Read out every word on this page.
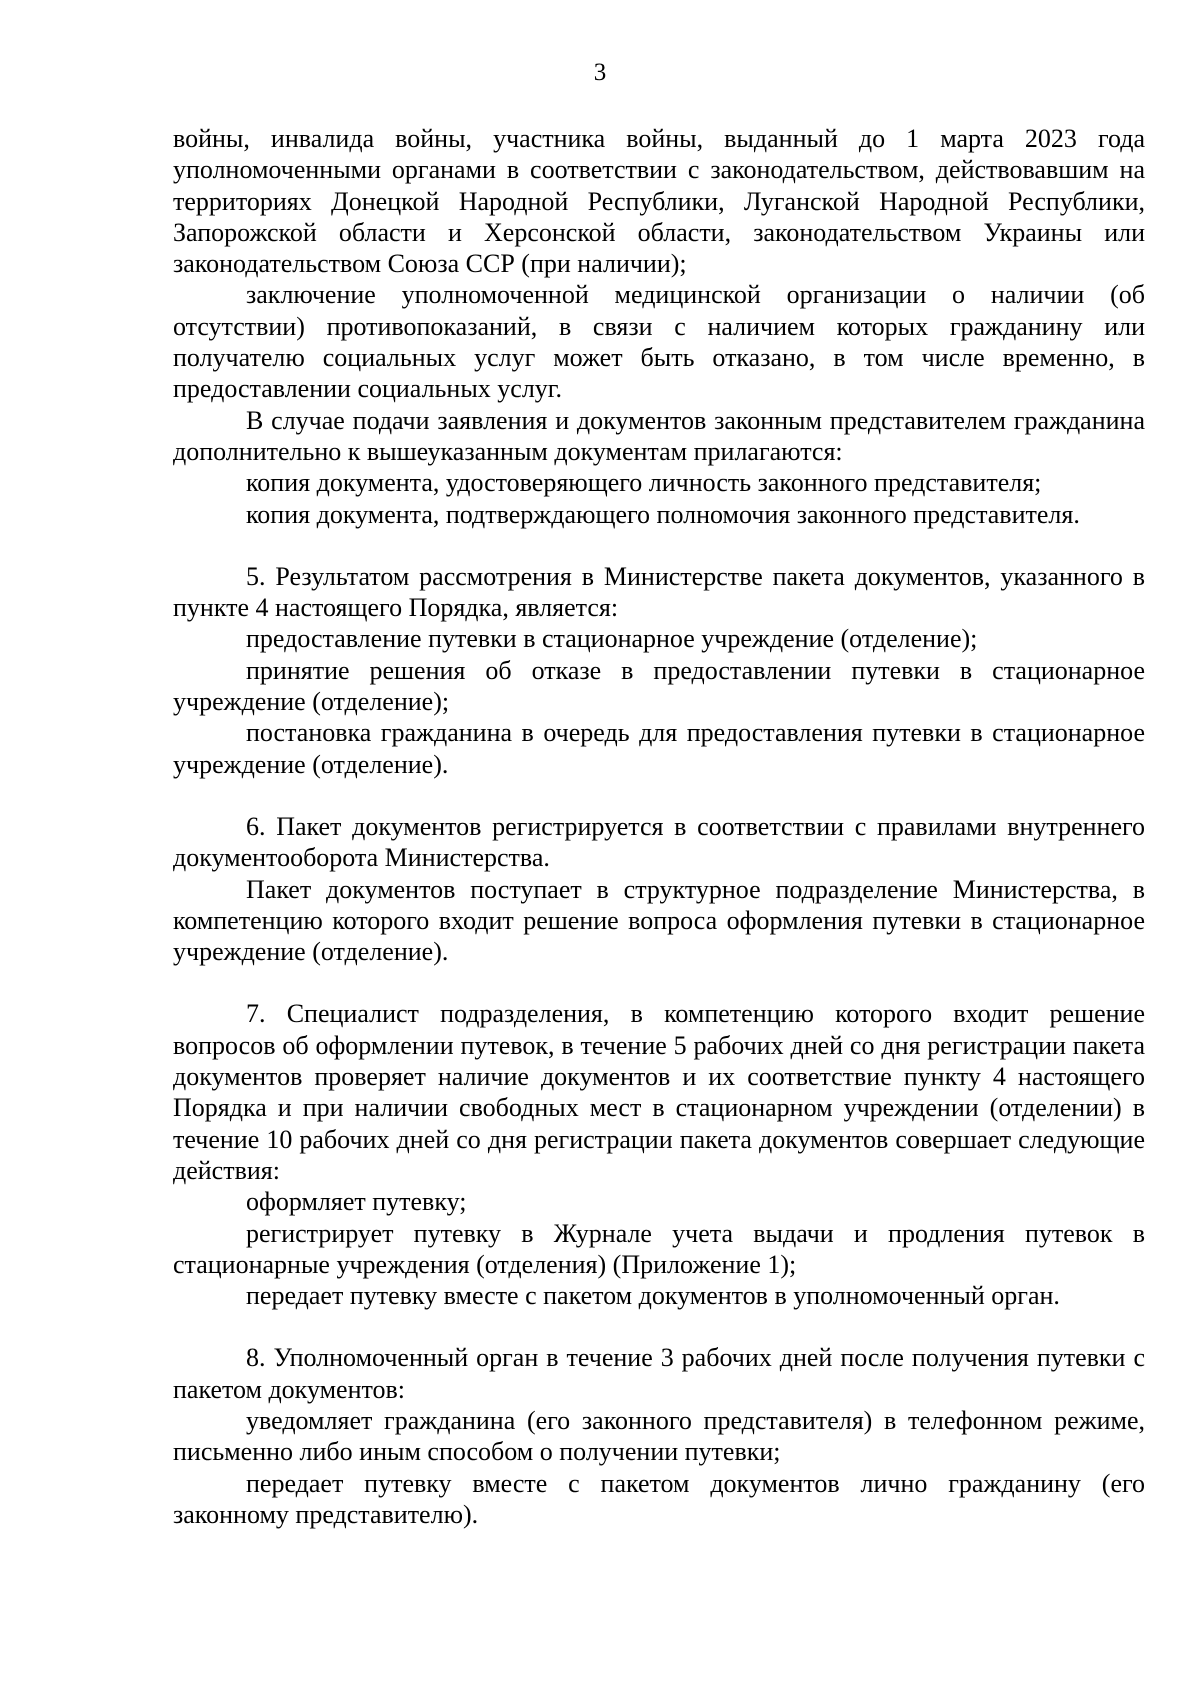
3

войны, инвалида войны, участника войны, выданный до 1 марта 2023 года уполномоченными органами в соответствии с законодательством, действовавшим на территориях Донецкой Народной Республики, Луганской Народной Республики, Запорожской области и Херсонской области, законодательством Украины или законодательством Союза ССР (при наличии);

заключение уполномоченной медицинской организации о наличии (об отсутствии) противопоказаний, в связи с наличием которых гражданину или получателю социальных услуг может быть отказано, в том числе временно, в предоставлении социальных услуг.

В случае подачи заявления и документов законным представителем гражданина дополнительно к вышеуказанным документам прилагаются:

копия документа, удостоверяющего личность законного представителя;

копия документа, подтверждающего полномочия законного представителя.

5. Результатом рассмотрения в Министерстве пакета документов, указанного в пункте 4 настоящего Порядка, является:

предоставление путевки в стационарное учреждение (отделение);

принятие решения об отказе в предоставлении путевки в стационарное учреждение (отделение);

постановка гражданина в очередь для предоставления путевки в стационарное учреждение (отделение).

6. Пакет документов регистрируется в соответствии с правилами внутреннего документооборота Министерства.

Пакет документов поступает в структурное подразделение Министерства, в компетенцию которого входит решение вопроса оформления путевки в стационарное учреждение (отделение).

7. Специалист подразделения, в компетенцию которого входит решение вопросов об оформлении путевок, в течение 5 рабочих дней со дня регистрации пакета документов проверяет наличие документов и их соответствие пункту 4 настоящего Порядка и при наличии свободных мест в стационарном учреждении (отделении) в течение 10 рабочих дней со дня регистрации пакета документов совершает следующие действия:

оформляет путевку;

регистрирует путевку в Журнале учета выдачи и продления путевок в стационарные учреждения (отделения) (Приложение 1);

передает путевку вместе с пакетом документов в уполномоченный орган.

8. Уполномоченный орган в течение 3 рабочих дней после получения путевки с пакетом документов:

уведомляет гражданина (его законного представителя) в телефонном режиме, письменно либо иным способом о получении путевки;

передает путевку вместе с пакетом документов лично гражданину (его законному представителю).
